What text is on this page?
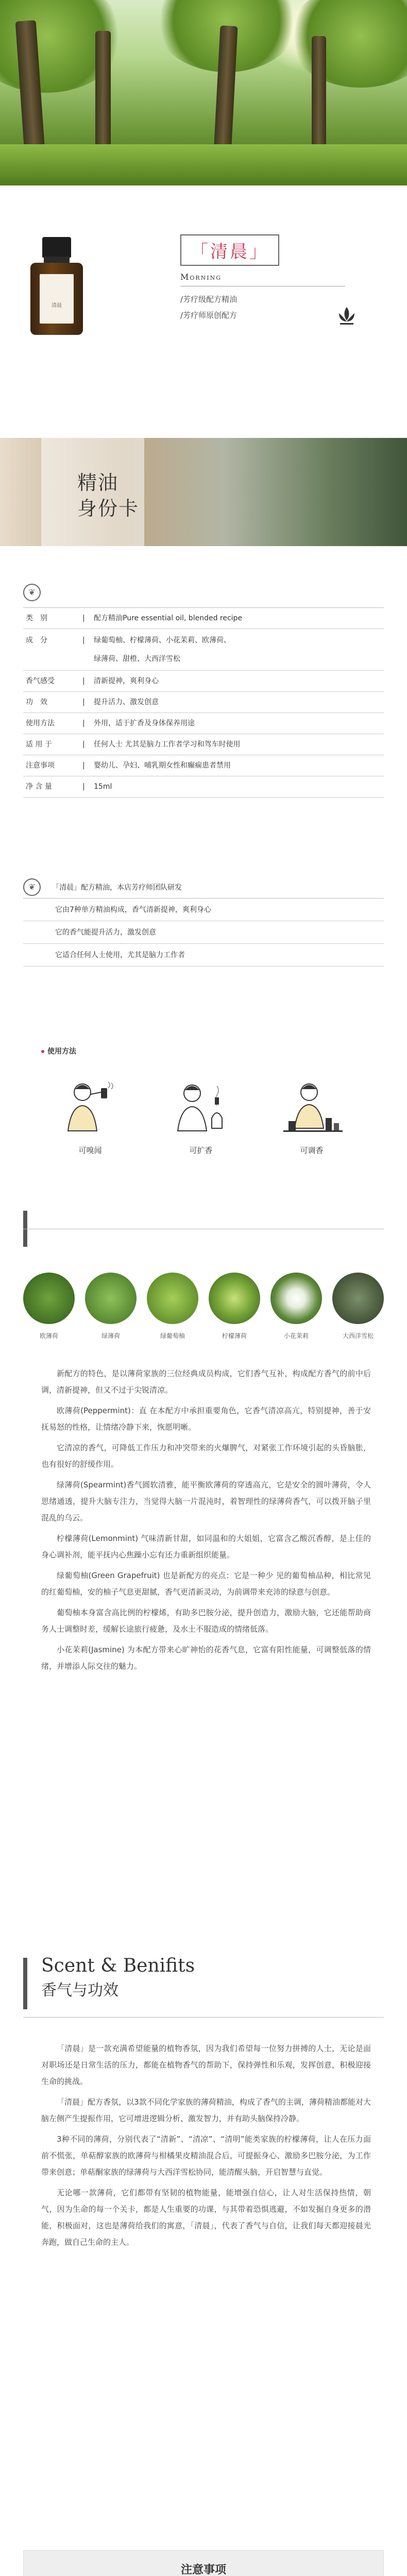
清晨
「清晨」
Morning
/芳疗级配方精油
/芳疗师原创配方
精油
身份卡
❦
类　别	|	配方精油Pure essential oil, blended recipe
成　分	|	绿葡萄柚、柠檬薄荷、小花茉莉、欧薄荷、
绿薄荷、甜橙、大西洋雪松
香气感受	|	清新提神，爽利身心
功　效	|	提升活力、激发创意
使用方法	|	外用，适于扩香及身体保养用途
适 用 于	|	任何人士 尤其是脑力工作者学习和驾车时使用
注意事项	|	婴幼儿、孕妇、哺乳期女性和癫痫患者禁用
净 含 量	|	15ml
❦	「清晨」配方精油，本店芳疗师团队研发
它由7种单方精油构成，香气清新提神，爽利身心
它的香气能提升活力，激发创意
它适合任何人士使用，尤其是脑力工作者
使用方法
可嗅闻	可扩香	可调香
欧薄荷	绿薄荷	绿葡萄柚	柠檬薄荷	小花茉莉	大西洋雪松

新配方的特色，是以薄荷家族的三位经典成员构成，它们香气互补，构成配方香气的前中后调，清新提神，但又不过于尖锐清凉。

欧薄荷(Peppermint)：直 在本配方中承担重要角色，它香气清凉高亢，特别提神，善于安抚易怒的性格，让情绪冷静下来，恢愿明晰。

它清凉的香气，可降低工作压力和冲突带来的火爆脾气，对紧张工作环境引起的头昏脑胀，也有很好的舒缓作用。

绿薄荷(Spearmint)香气圆软清雅，能平衡欧薄荷的穿透高亢，它是安全的圆叶薄荷，令人思绪通透，提升大脑专注力，当觉得大脑一片混沌时，着智理性的绿薄荷香气，可以拨开脑子里混乱的乌云。

柠檬薄荷(Lemonmint) 气味清新甘甜，如同温和的大姐姐，它富含乙酸沉香醇，是上佳的身心调补剂，能平抚内心焦躁小忘有还力重新组织能量。

绿葡萄柚(Green Grapefruit) 也是新配方的亮点：它是一种少 见的葡萄柚品种，相比常见的红葡萄柚，安的柚子气息更甜腻，香气更清新灵动，为前调带来充沛的绿意与创意。

葡萄柚本身富含高比例的柠檬烯，有助多巴胺分泌，提升创造力，激励大脑，它还能帮助商务人士调整时差，缓解长途旅行疲惫，及水土不服造成的情绪低落。

小花茉莉(Jasmine) 为本配方带来心旷神怡的花香气息，它富有阳性能量，可调整低落的情绪，并增添人际交往的魅力。

Scent & Benifits
香气与功效

「清晨」是一款充满希望能量的植物香氛，因为我们希望每一位努力拼搏的人士，无论是面对职场还是日常生活的压力，都能在植物香气的帮助下，保持弹性和乐观，发挥创意，积极迎接生命的挑战。

「清晨」配方香氛，以3款不同化学家族的薄荷精油，构成了香气的主调，薄荷精油都能对大脑左侧产生提振作用，它可增进逻辑分析、激发智力，并有助头脑保持冷静。

3种不同的薄荷，分别代表了“清新”、“清凉”、“清明”能类家族的柠檬薄荷，让人在压力面前不慌张，单萜醇家族的欧薄荷与柑橘果皮精油混合后，可提振身心、激励多巴胺分泌，为工作带来创意；单萜酮家族的绿薄荷与大西洋雪松协同，能清醒头脑，开启智慧与直觉。

无论哪一款薄荷，它们都带有坚韧的植物能量，能增强自信心，让人对生活保持热情，朝气，因为生命的每一个关卡，都是人生重要的功课，与其带着恐惧逃避，不如发掘自身更多的潜能，积极面对，这也是薄荷给我们的寓意，「清晨」，代表了香气与自信，让我们每天都迎接晨光奔跑，做自己生命的主人。

注意事项
